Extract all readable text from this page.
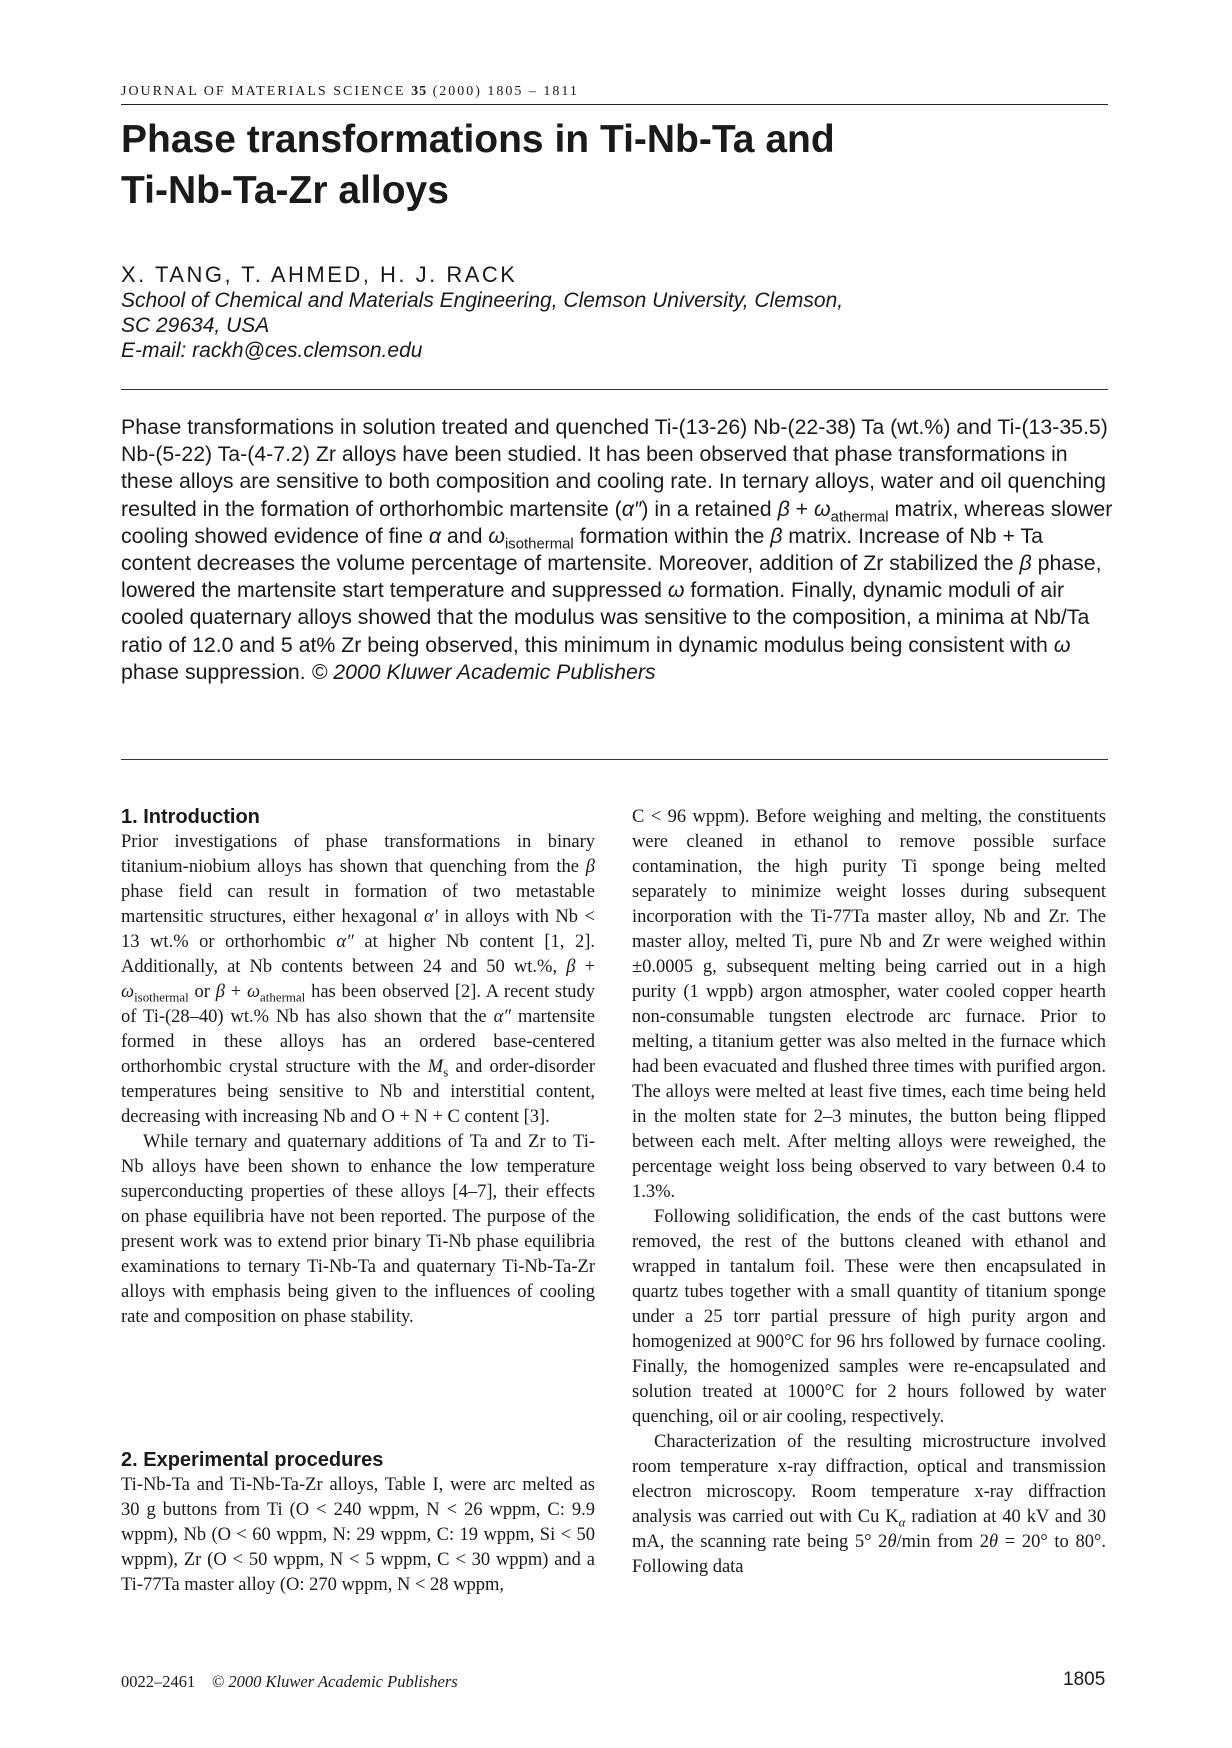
JOURNAL OF MATERIALS SCIENCE 35 (2000) 1805 – 1811
Phase transformations in Ti-Nb-Ta and
Ti-Nb-Ta-Zr alloys
X. TANG, T. AHMED, H. J. RACK
School of Chemical and Materials Engineering, Clemson University, Clemson,
SC 29634, USA
E-mail: rackh@ces.clemson.edu

Phase transformations in solution treated and quenched Ti-(13-26) Nb-(22-38) Ta (wt.%) and Ti-(13-35.5) Nb-(5-22) Ta-(4-7.2) Zr alloys have been studied. It has been observed that phase transformations in these alloys are sensitive to both composition and cooling rate. In ternary alloys, water and oil quenching resulted in the formation of orthorhombic martensite (α″) in a retained $\beta + \omega_{athermal}$ matrix, whereas slower cooling showed evidence of fine α and $\omega_{isothermal}$ formation within the β matrix. Increase of Nb + Ta content decreases the volume percentage of martensite. Moreover, addition of Zr stabilized the β phase, lowered the martensite start temperature and suppressed ω formation. Finally, dynamic moduli of air cooled quaternary alloys showed that the modulus was sensitive to the composition, a minima at Nb/Ta ratio of 12.0 and 5 at% Zr being observed, this minimum in dynamic modulus being consistent with ω phase suppression. © 2000 Kluwer Academic Publishers

1. Introduction

Prior investigations of phase transformations in binary titanium-niobium alloys has shown that quenching from the β phase field can result in formation of two metastable martensitic structures, either hexagonal α′ in alloys with Nb < 13 wt.% or orthorhombic α″ at higher Nb content [1, 2]. Additionally, at Nb contents between 24 and 50 wt.%, $\beta + \omega_{isothermal}$ or $\beta + \omega_{athermal}$ has been observed [2]. A recent study of Ti-(28–40) wt.% Nb has also shown that the α″ martensite formed in these alloys has an ordered base-centered orthorhombic crystal structure with the $M_s$ and order-disorder temperatures being sensitive to Nb and interstitial content, decreasing with increasing Nb and O + N + C content [3].

While ternary and quaternary additions of Ta and Zr to Ti-Nb alloys have been shown to enhance the low temperature superconducting properties of these alloys [4–7], their effects on phase equilibria have not been reported. The purpose of the present work was to extend prior binary Ti-Nb phase equilibria examinations to ternary Ti-Nb-Ta and quaternary Ti-Nb-Ta-Zr alloys with emphasis being given to the influences of cooling rate and composition on phase stability.

2. Experimental procedures

Ti-Nb-Ta and Ti-Nb-Ta-Zr alloys, Table I, were arc melted as 30 g buttons from Ti (O < 240 wppm, N < 26 wppm, C: 9.9 wppm), Nb (O < 60 wppm, N: 29 wppm, C: 19 wppm, Si < 50 wppm), Zr (O < 50 wppm, N < 5 wppm, C < 30 wppm) and a Ti-77Ta master alloy (O: 270 wppm, N < 28 wppm,

C < 96 wppm). Before weighing and melting, the constituents were cleaned in ethanol to remove possible surface contamination, the high purity Ti sponge being melted separately to minimize weight losses during subsequent incorporation with the Ti-77Ta master alloy, Nb and Zr. The master alloy, melted Ti, pure Nb and Zr were weighed within ±0.0005 g, subsequent melting being carried out in a high purity (1 wppb) argon atmospher, water cooled copper hearth non-consumable tungsten electrode arc furnace. Prior to melting, a titanium getter was also melted in the furnace which had been evacuated and flushed three times with purified argon. The alloys were melted at least five times, each time being held in the molten state for 2–3 minutes, the button being flipped between each melt. After melting alloys were reweighed, the percentage weight loss being observed to vary between 0.4 to 1.3%.

Following solidification, the ends of the cast buttons were removed, the rest of the buttons cleaned with ethanol and wrapped in tantalum foil. These were then encapsulated in quartz tubes together with a small quantity of titanium sponge under a 25 torr partial pressure of high purity argon and homogenized at 900°C for 96 hrs followed by furnace cooling. Finally, the homogenized samples were re-encapsulated and solution treated at 1000°C for 2 hours followed by water quenching, oil or air cooling, respectively.

Characterization of the resulting microstructure involved room temperature x-ray diffraction, optical and transmission electron microscopy. Room temperature x-ray diffraction analysis was carried out with Cu $K_\alpha$ radiation at 40 kV and 30 mA, the scanning rate being 5° 2θ/min from 2θ = 20° to 80°. Following data

0022–2461 © 2000 Kluwer Academic Publishers	1805
